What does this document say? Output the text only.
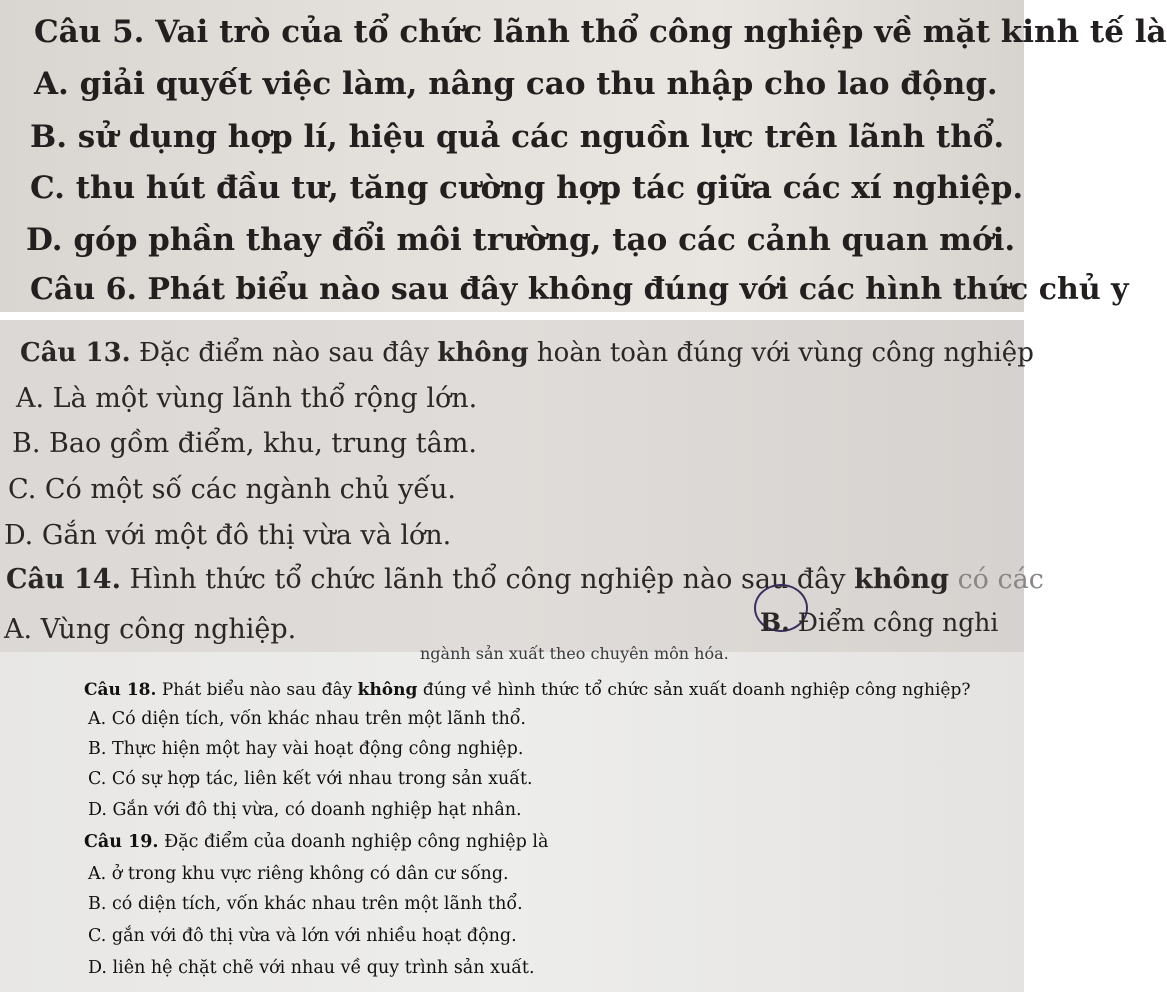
Câu 5. Vai trò của tổ chức lãnh thổ công nghiệp về mặt kinh tế là
A. giải quyết việc làm, nâng cao thu nhập cho lao động.
B. sử dụng hợp lí, hiệu quả các nguồn lực trên lãnh thổ.
C. thu hút đầu tư, tăng cường hợp tác giữa các xí nghiệp.
D. góp phần thay đổi môi trường, tạo các cảnh quan mới.
Câu 6. Phát biểu nào sau đây không đúng với các hình thức chủ y
Câu 13. Đặc điểm nào sau đây không hoàn toàn đúng với vùng công nghiệp
A. Là một vùng lãnh thổ rộng lớn.
B. Bao gồm điểm, khu, trung tâm.
C. Có một số các ngành chủ yếu.
D. Gắn với một đô thị vừa và lớn.
Câu 14. Hình thức tổ chức lãnh thổ công nghiệp nào sau đây không có các
A. Vùng công nghiệp.	B. Điểm công nghi
ngành sản xuất theo chuyên môn hóa.
Câu 18. Phát biểu nào sau đây không đúng về hình thức tổ chức sản xuất doanh nghiệp công nghiệp?
A. Có diện tích, vốn khác nhau trên một lãnh thổ.
B. Thực hiện một hay vài hoạt động công nghiệp.
C. Có sự hợp tác, liên kết với nhau trong sản xuất.
D. Gắn với đô thị vừa, có doanh nghiệp hạt nhân.
Câu 19. Đặc điểm của doanh nghiệp công nghiệp là
A. ở trong khu vực riêng không có dân cư sống.
B. có diện tích, vốn khác nhau trên một lãnh thổ.
C. gắn với đô thị vừa và lớn với nhiều hoạt động.
D. liên hệ chặt chẽ với nhau về quy trình sản xuất.
